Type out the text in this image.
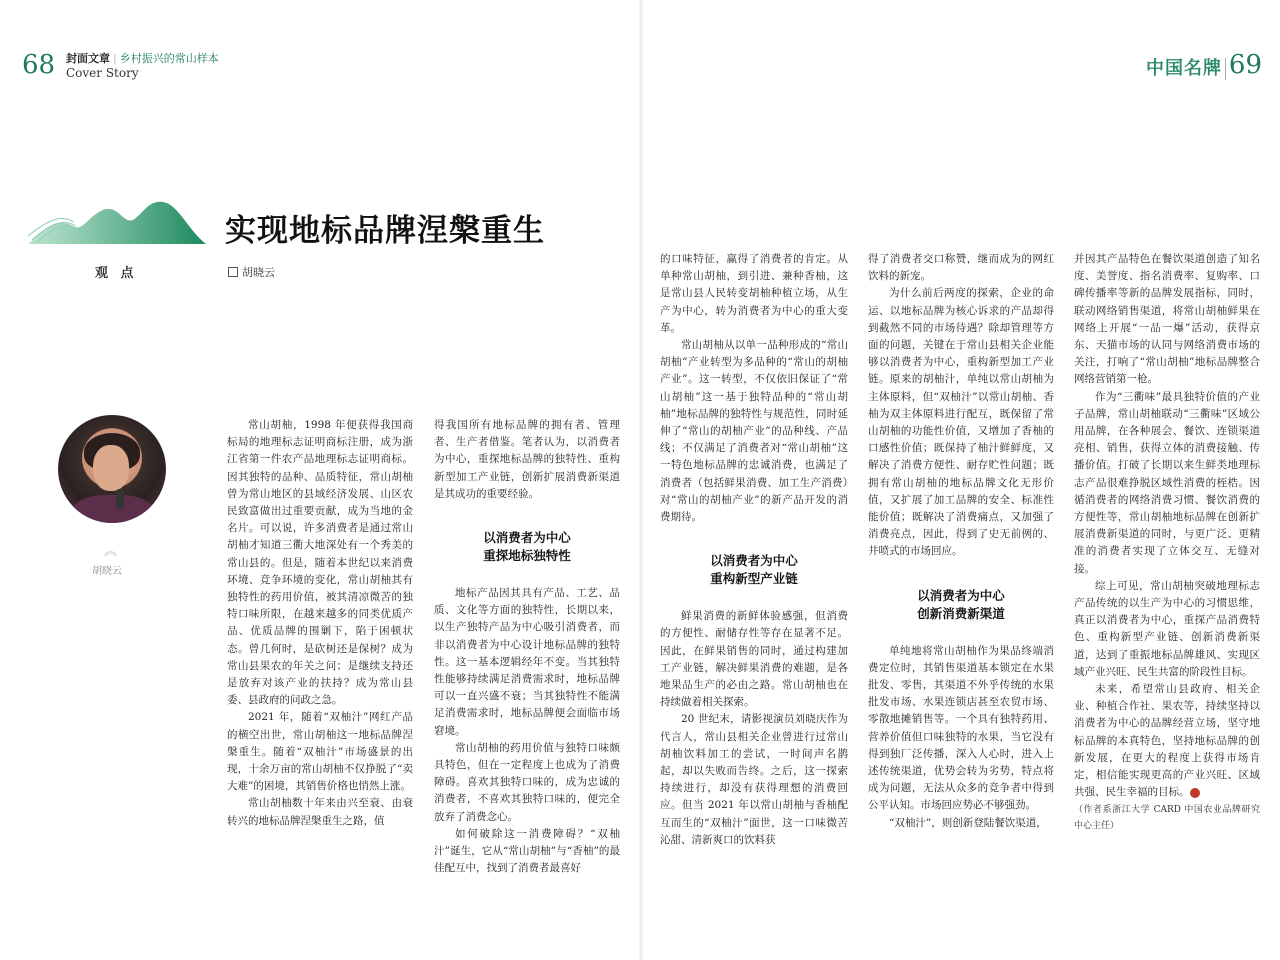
68 封面文章 | 乡村振兴的常山样本
Cover Story	中国名牌 69
实现地标品牌涅槃重生
观 点	胡晓云
︽
胡晓云

常山胡柚，1998 年便获得我国商标局的地理标志证明商标注册，成为浙江省第一件农产品地理标志证明商标。因其独特的品种、品质特征，常山胡柚曾为常山地区的县域经济发展、山区农民致富做出过重要贡献，成为当地的金名片。可以说，许多消费者是通过常山胡柚才知道三衢大地深处有一个秀美的常山县的。但是，随着本世纪以来消费环境、竞争环境的变化，常山胡柚其有独特性的药用价值，被其清凉微苦的独特口味所限，在越来越多的同类优质产品、优质品牌的围剿下，陷于困顿状态。曾几何时，是砍树还是保树？成为常山县果农的年关之问；是继续支持还是放弃对该产业的扶持？成为常山县委、县政府的问政之急。

2021 年，随着“双柚汁”网红产品的横空出世，常山胡柚这一地标品牌涅槃重生。随着“双柚汁”市场盛景的出现，十余万亩的常山胡柚不仅挣脱了“卖大难”的困境，其销售价格也悄然上涨。

常山胡柚数十年来由兴至衰、由衰转兴的地标品牌涅槃重生之路，值

得我国所有地标品牌的拥有者、管理者、生产者借鉴。笔者认为，以消费者为中心，重探地标品牌的独特性、重构新型加工产业链，创新扩展消费新渠道是其成功的重要经验。

以消费者为中心
重探地标独特性

地标产品因其具有产品、工艺、品质、文化等方面的独特性，长期以来，以生产独特产品为中心吸引消费者，而非以消费者为中心设计地标品牌的独特性。这一基本逻辑经年不变。当其独特性能够持续满足消费需求时，地标品牌可以一直兴盛不衰；当其独特性不能满足消费需求时，地标品牌便会面临市场窘境。

常山胡柚的药用价值与独特口味颇具特色，但在一定程度上也成为了消费障碍。喜欢其独特口味的，成为忠诚的消费者，不喜欢其独特口味的，便完全放弃了消费念心。

如何破除这一消费障碍？“双柚汁”诞生，它从“常山胡柚”与“香柚”的最佳配互中，找到了消费者最喜好

的口味特征，赢得了消费者的肯定。从单种常山胡柚，到引进、兼种香柚，这是常山县人民转变胡柚种植立场，从生产为中心，转为消费者为中心的重大变革。

常山胡柚从以单一品种形成的“常山胡柚”产业转型为多品种的“常山的胡柚产业”。这一转型，不仅依旧保证了“常山胡柚”这一基于独特品种的“常山胡柚”地标品牌的独特性与规范性，同时延伸了“常山的胡柚产业”的品种线、产品线；不仅满足了消费者对“常山胡柚”这一特色地标品牌的忠诚消费，也满足了消费者（包括鲜果消费、加工生产消费）对“常山的胡柚产业”的新产品开发的消费期待。

以消费者为中心
重构新型产业链

鲜果消费的新鲜体验感强，但消费的方便性、耐储存性等存在显著不足。因此，在鲜果销售的同时，通过构建加工产业链，解决鲜果消费的难题，是各地果品生产的必由之路。常山胡柚也在持续做着相关探索。

20 世纪末，请影视演员刘晓庆作为代言人，常山县相关企业曾进行过常山胡柚饮料加工的尝试，一时间声名鹊起，却以失败而告终。之后，这一探索持续进行，却没有获得理想的消费回应。但当 2021 年以常山胡柚与香柚配互而生的“双柚汁”面世，这一口味微苦沁甜、清新爽口的饮料获

得了消费者交口称赞，继而成为的网红饮料的新宠。

为什么前后两度的探索，企业的命运、以地标品牌为核心诉求的产品却得到截然不同的市场待遇？除却管理等方面的问题，关键在于常山县相关企业能够以消费者为中心，重构新型加工产业链。原来的胡柚汁，单纯以常山胡柚为主体原料，但“双柚汁”以常山胡柚、香柚为双主体原料进行配互，既保留了常山胡柚的功能性价值，又增加了香柚的口感性价值；既保持了柚汁鲜鲜度，又解决了消费方便性、耐存贮性问题；既拥有常山胡柚的地标品牌文化无形价值，又扩展了加工品牌的安全、标准性能价值；既解决了消费痛点，又加强了消费亮点，因此，得到了史无前例的、井喷式的市场回应。

以消费者为中心
创新消费新渠道

单纯地将常山胡柚作为果品终端消费定位时，其销售渠道基本锁定在水果批发、零售，其渠道不外乎传统的水果批发市场、水果连锁店甚至农贸市场、零散地摊销售等。一个具有独特药用、营养价值但口味独特的水果，当它没有得到独厂泛传播，深入人心时，进入上述传统渠道，优势会转为劣势，特点将成为问题，无法从众多的竞争者中得到公平认知。市场回应势必不够强劲。

“双柚汁”，则创新登陆餐饮渠道，

并因其产品特色在餐饮渠道创造了知名度、美誉度、指名消费率、复购率、口碑传播率等新的品牌发展指标，同时，联动网络销售渠道，将常山胡柚鲜果在网络上开展“一品一爆”活动，获得京东、天猫市场的认同与网络消费市场的关注，打响了“常山胡柚”地标品牌整合网络营销第一枪。

作为“三衢味”最具独特价值的产业子品牌，常山胡柚联动“三衢味”区域公用品牌，在各种展会、餐饮、连锁渠道亮相、销售，获得立体的消费接触、传播价值。打破了长期以来生鲜类地理标志产品很难挣脱区域性消费的桎梏。因循消费者的网络消费习惯、餐饮消费的方便性等，常山胡柚地标品牌在创新扩展消费新渠道的同时，与更广泛、更精准的消费者实现了立体交互、无缝对接。

综上可见，常山胡柚突破地理标志产品传统的以生产为中心的习惯思维，真正以消费者为中心，重探产品消费特色、重构新型产业链、创新消费新渠道，达到了重振地标品牌雄风、实现区域产业兴旺、民生共富的阶段性目标。

未来，希望常山县政府、相关企业、种植合作社、果农等，持续坚持以消费者为中心的品牌经营立场，坚守地标品牌的本真特色，坚持地标品牌的创新发展，在更大的程度上获得市场肯定，相信能实现更高的产业兴旺、区域共强、民生幸福的目标。	T

（作者系浙江大学 CARD 中国农业品牌研究中心主任）
